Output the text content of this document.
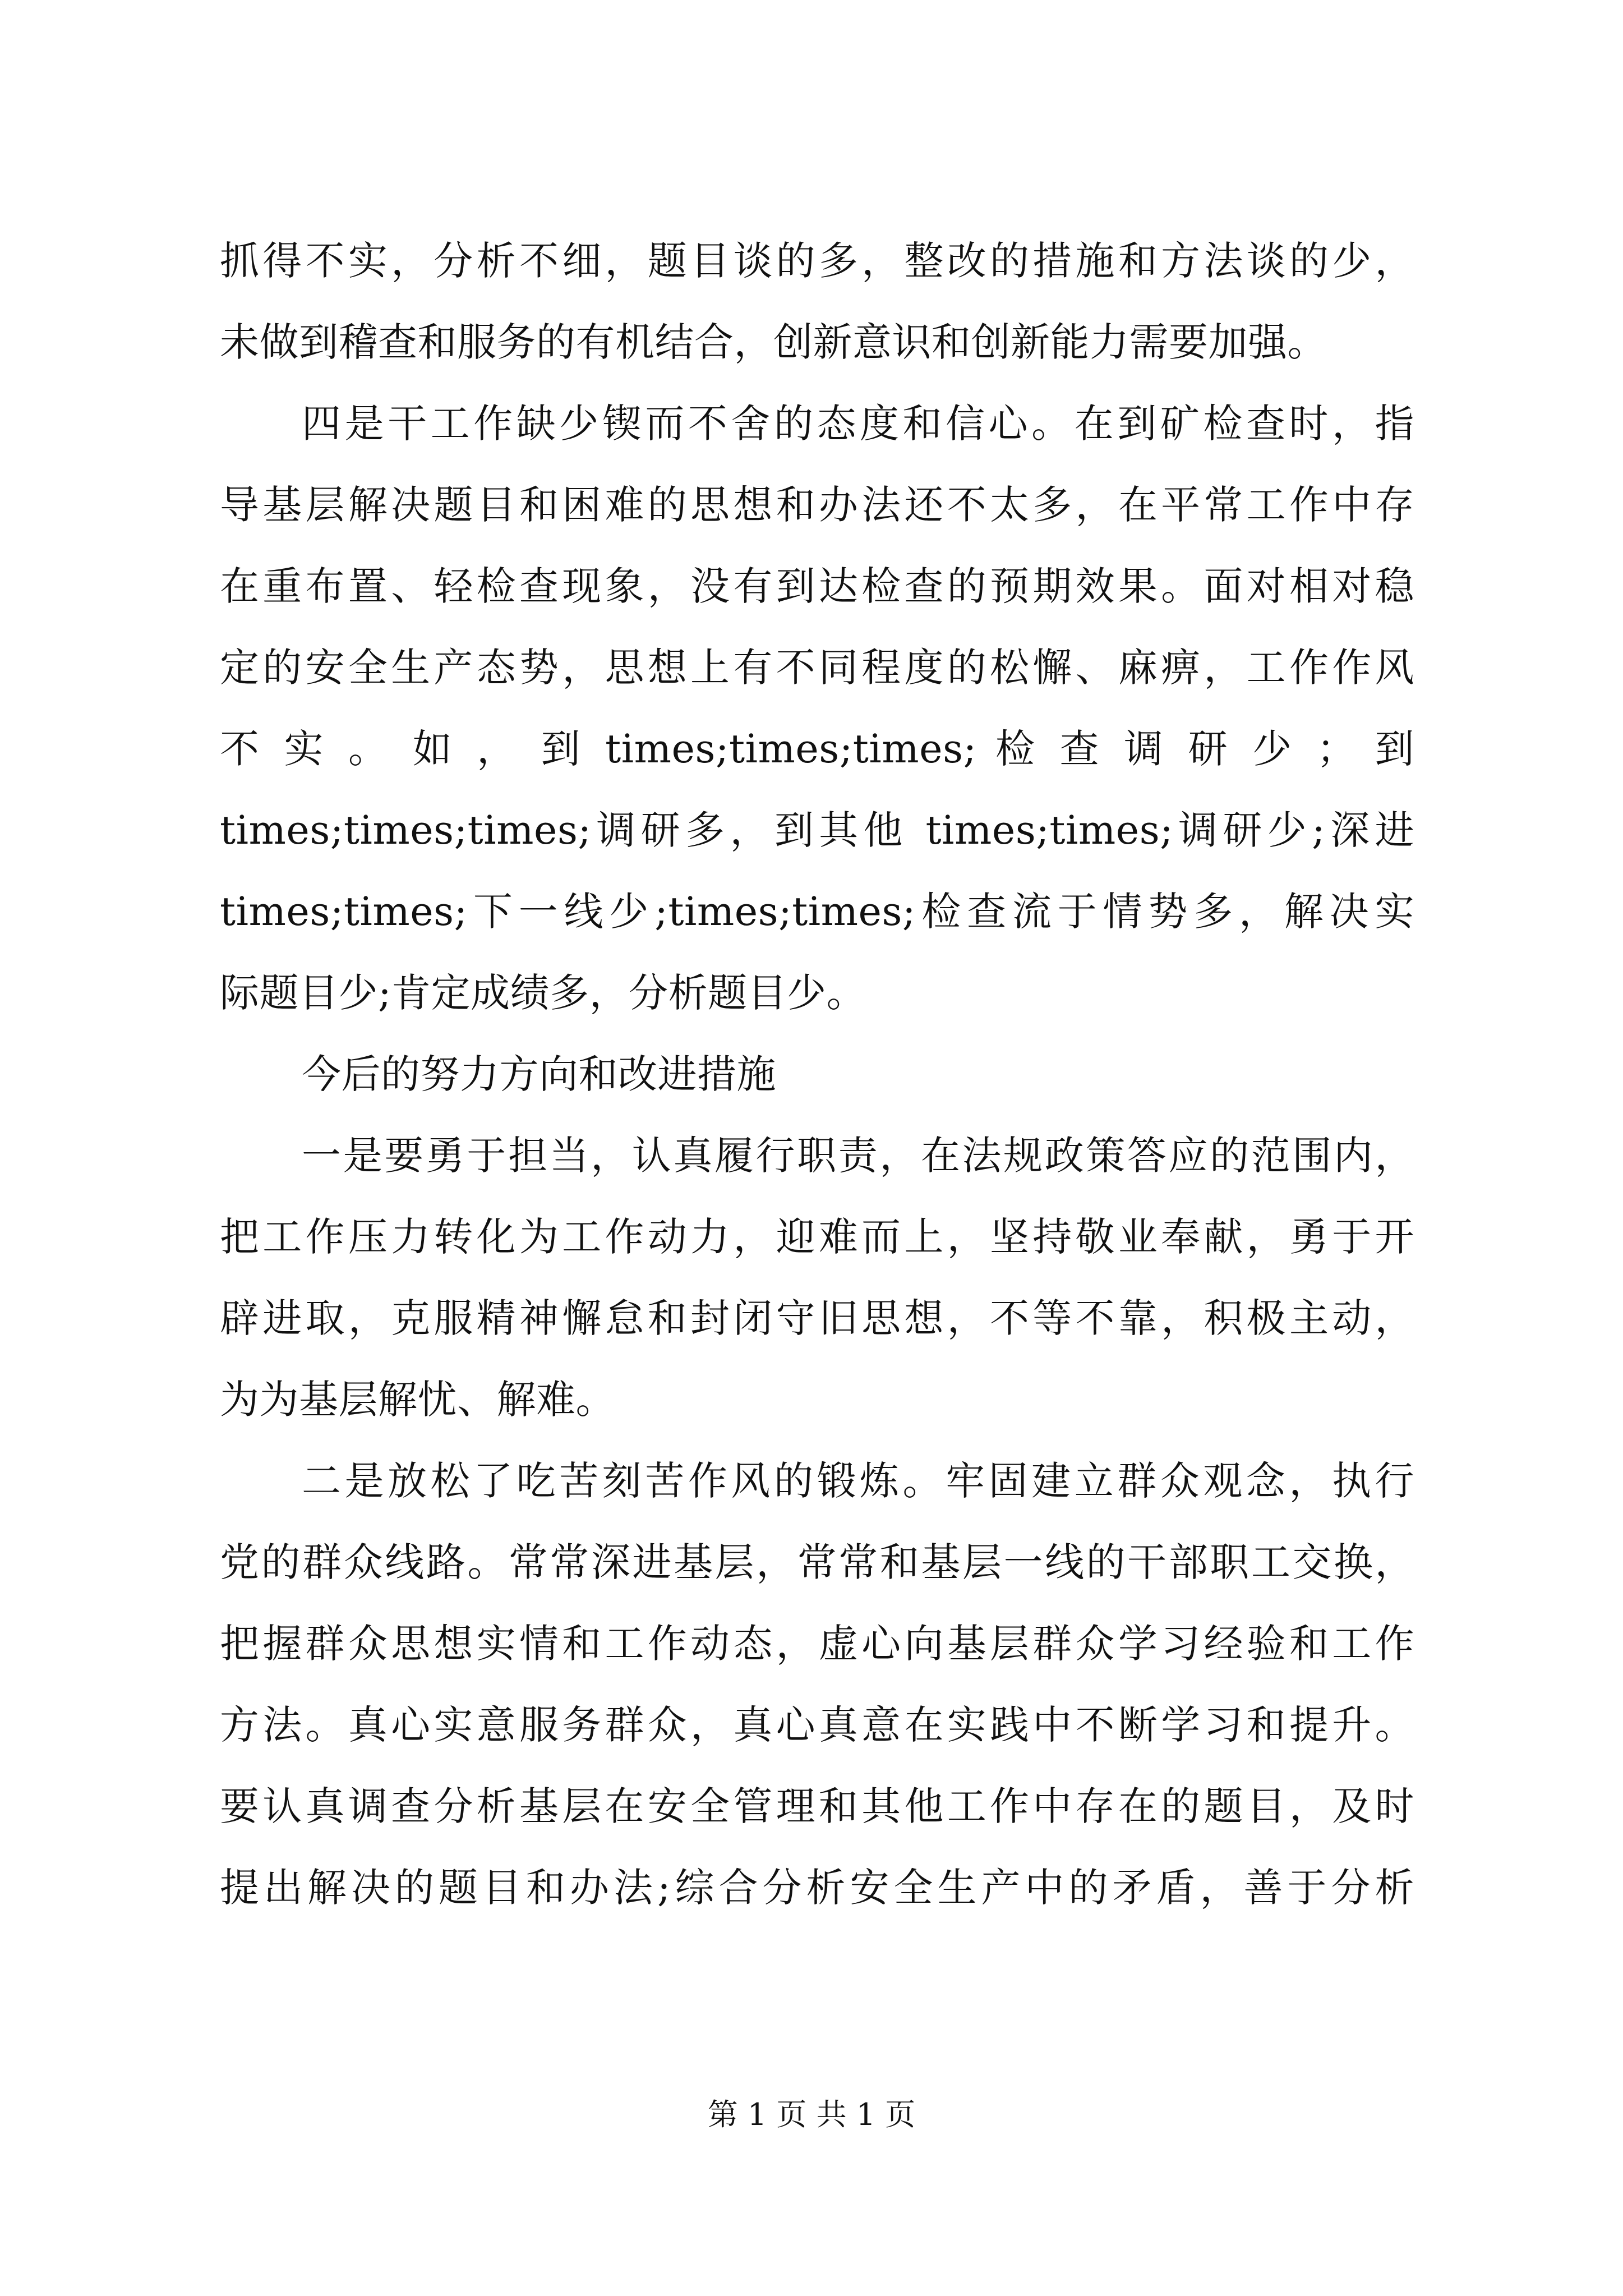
抓得不实，分析不细，题目谈的多，整改的措施和方法谈的少，
未做到稽查和服务的有机结合，创新意识和创新能力需要加强。
四是干工作缺少锲而不舍的态度和信心。在到矿检查时，指
导基层解决题目和困难的思想和办法还不太多，在平常工作中存
在重布置、轻检查现象，没有到达检查的预期效果。面对相对稳
定的安全生产态势，思想上有不同程度的松懈、麻痹，工作作风
不 实 。 如 ， 到 times;times;times; 检 查 调 研 少 ； 到
times;times;times;调研多，到其他 times;times;调研少;深进
times;times;下一线少;times;times;检查流于情势多，解决实
际题目少;肯定成绩多，分析题目少。
今后的努力方向和改进措施
一是要勇于担当，认真履行职责，在法规政策答应的范围内，
把工作压力转化为工作动力，迎难而上，坚持敬业奉献，勇于开
辟进取，克服精神懈怠和封闭守旧思想，不等不靠，积极主动，
为为基层解忧、解难。
二是放松了吃苦刻苦作风的锻炼。牢固建立群众观念，执行
党的群众线路。常常深进基层，常常和基层一线的干部职工交换，
把握群众思想实情和工作动态，虚心向基层群众学习经验和工作
方法。真心实意服务群众，真心真意在实践中不断学习和提升。
要认真调查分析基层在安全管理和其他工作中存在的题目，及时
提出解决的题目和办法;综合分析安全生产中的矛盾，善于分析
第 1 页 共 1 页
